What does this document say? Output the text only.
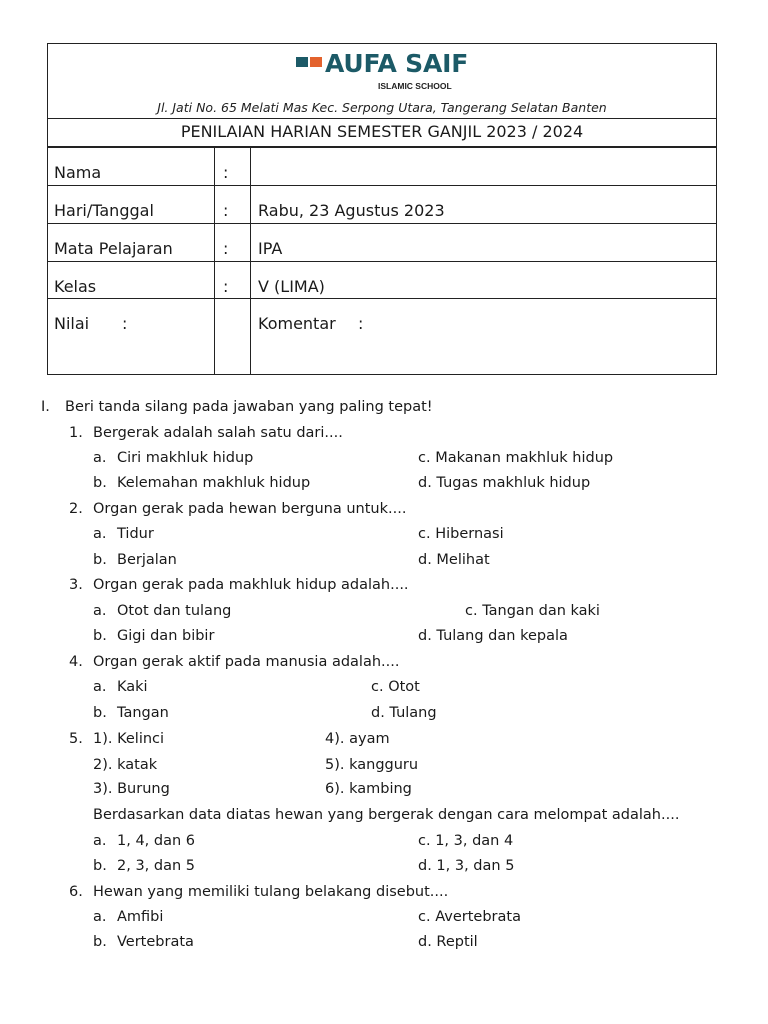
AUFA SAIF
ISLAMIC SCHOOL
Jl. Jati No. 65 Melati Mas Kec. Serpong Utara, Tangerang Selatan Banten
PENILAIAN HARIAN SEMESTER GANJIL 2023 / 2024
Nama	:
Hari/Tanggal	: Rabu, 23 Agustus 2023
Mata Pelajaran	: IPA
Kelas	: V (LIMA)
Nilai :	Komentar :
I. Beri tanda silang pada jawaban yang paling tepat!
1. Bergerak adalah salah satu dari....
a. Ciri makhluk hidup	c. Makanan makhluk hidup
b. Kelemahan makhluk hidup	d. Tugas makhluk hidup
2. Organ gerak pada hewan berguna untuk....
a. Tidur	c. Hibernasi
b. Berjalan	d. Melihat
3. Organ gerak pada makhluk hidup adalah....
a. Otot dan tulang	c. Tangan dan kaki
b. Gigi dan bibir	d. Tulang dan kepala
4. Organ gerak aktif pada manusia adalah....
a. Kaki	c. Otot
b. Tangan	d. Tulang
5. 1). Kelinci	4). ayam
2). katak	5). kangguru
3). Burung	6). kambing
Berdasarkan data diatas hewan yang bergerak dengan cara melompat adalah....
a. 1, 4, dan 6	c. 1, 3, dan 4
b. 2, 3, dan 5	d. 1, 3, dan 5
6. Hewan yang memiliki tulang belakang disebut....
a. Amfibi	c. Avertebrata
b. Vertebrata	d. Reptil
